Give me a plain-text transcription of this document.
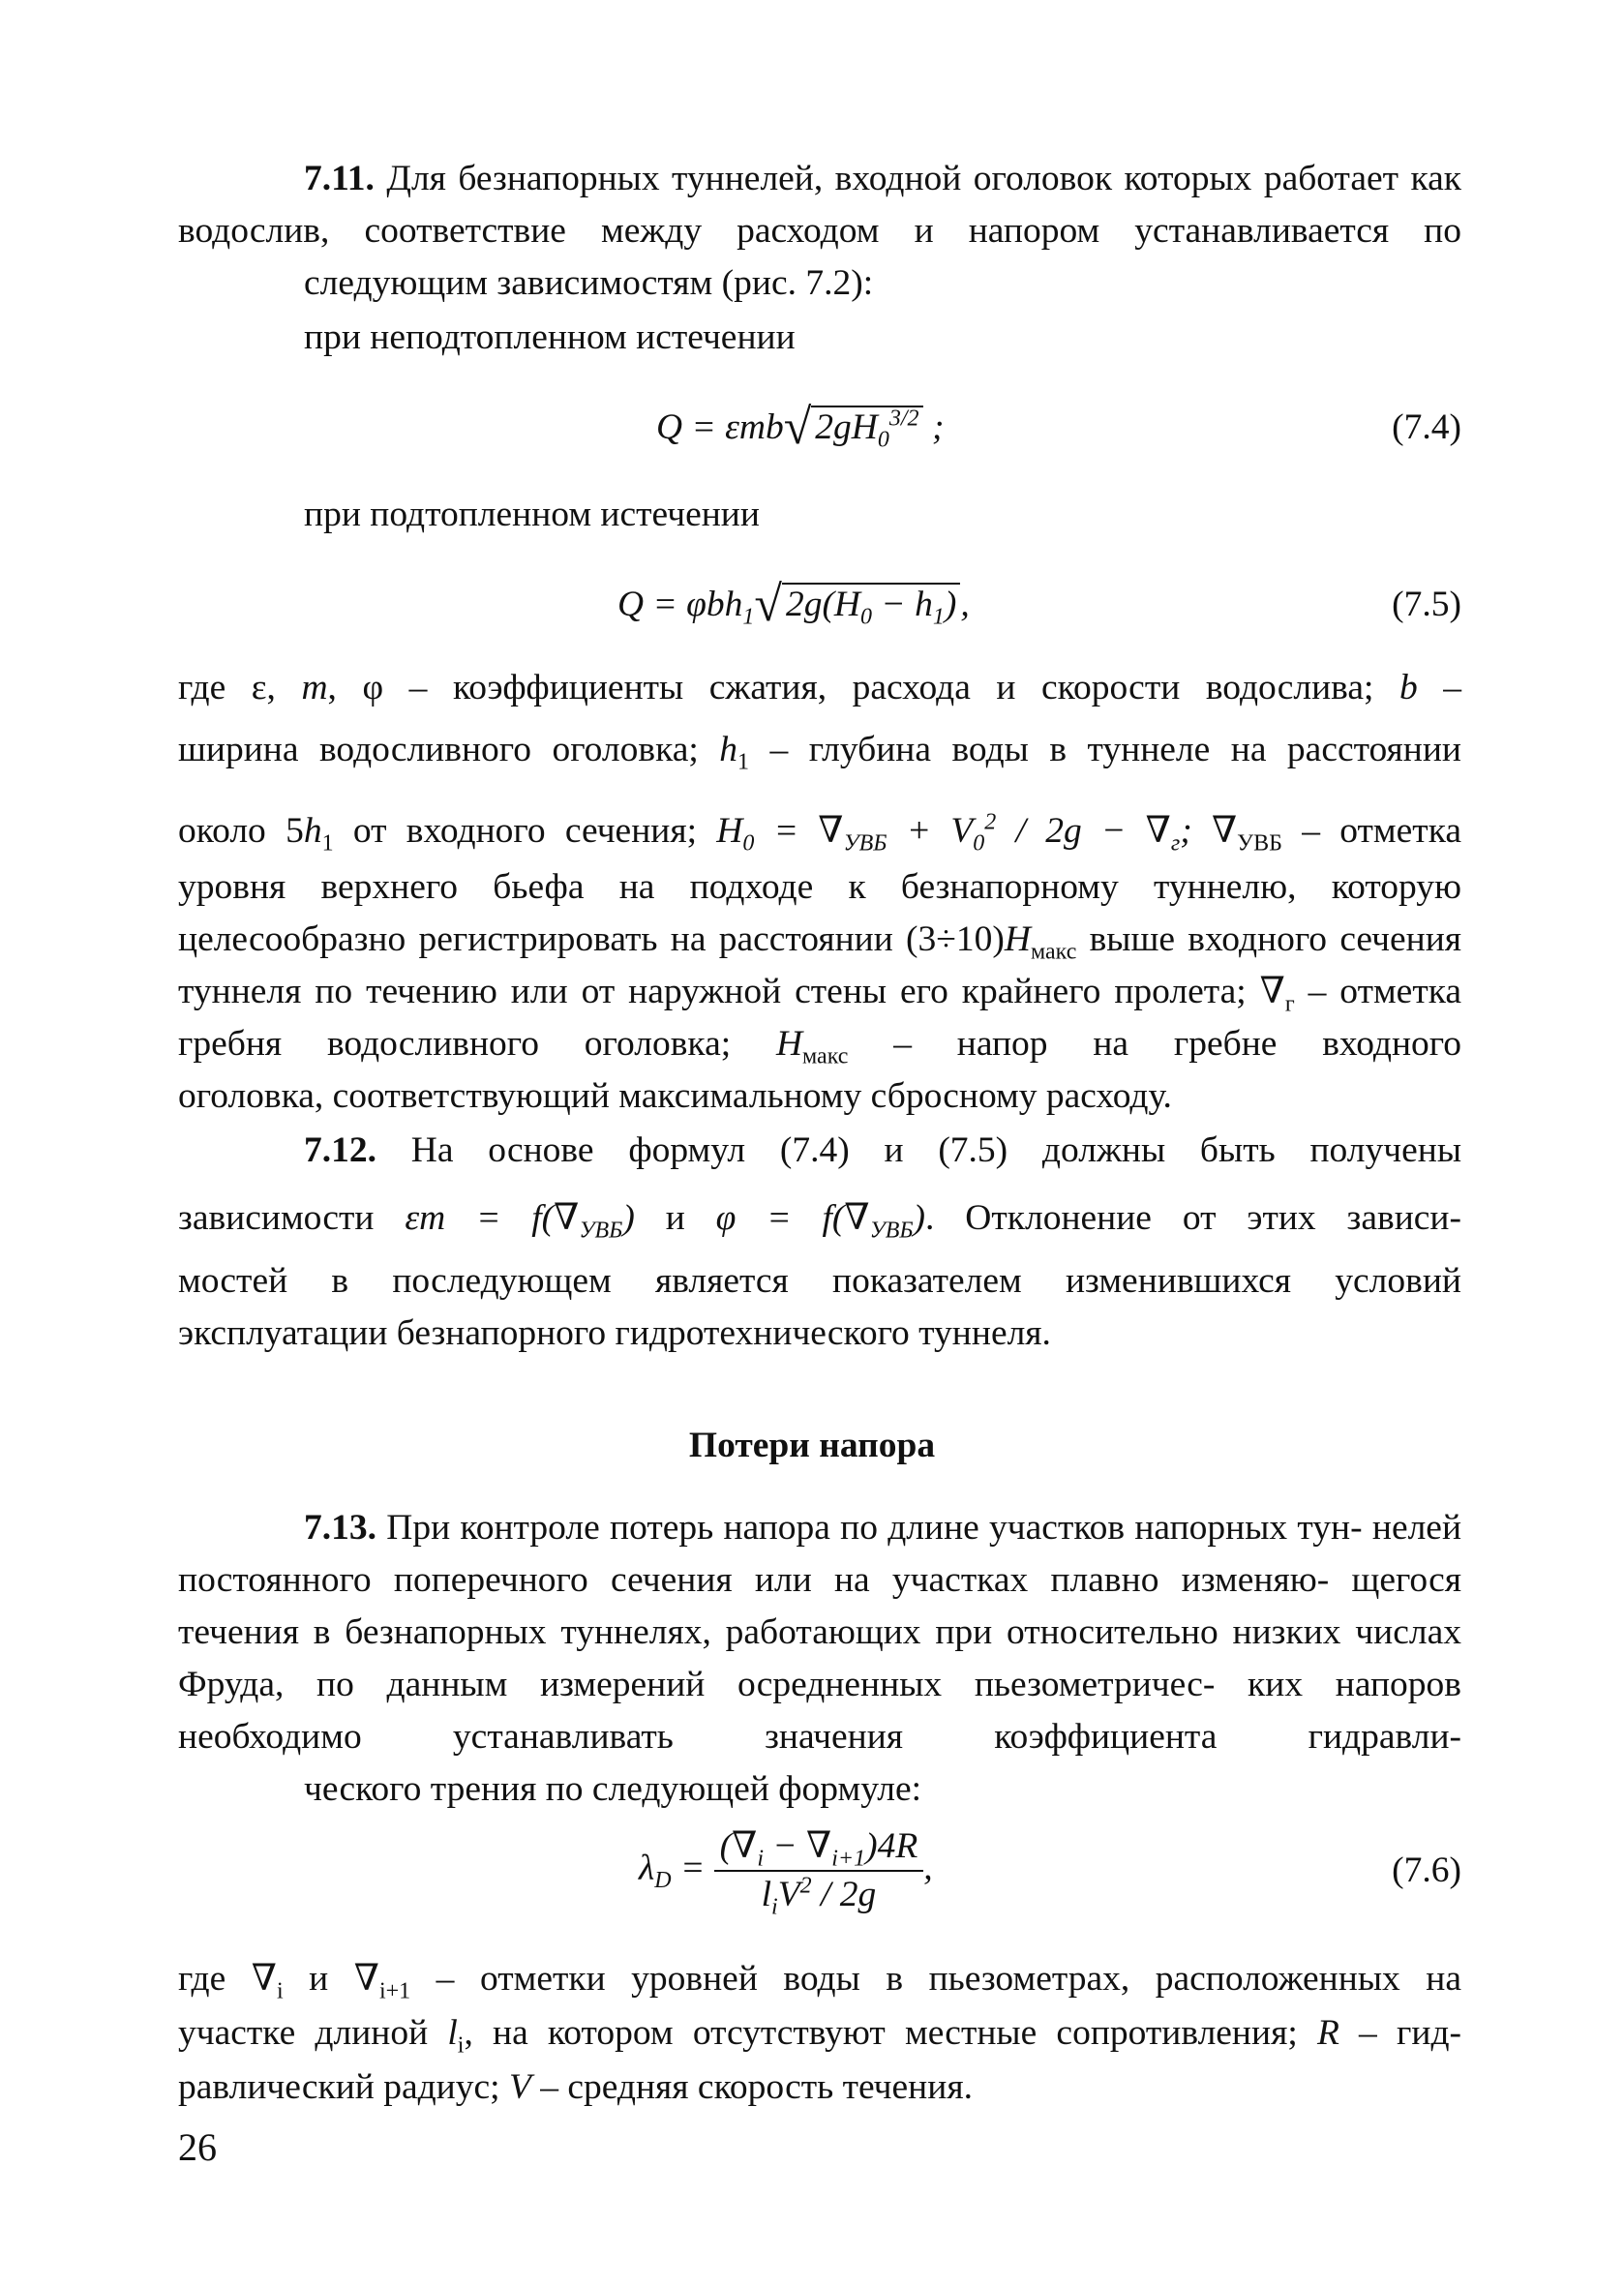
7.11. Для безнапорных туннелей, входной оголовок которых работает как водослив, соответствие между расходом и напором устанавливается по
следующим зависимостям (рис. 7.2):

при неподтопленном истечении
Q = εmb√ $2gH_0^{3/2}$ ;	(7.4)
при подтопленном истечении
Q = φbh$_1$√ $2g(H_0 - h_1)$ ,	(7.5)
где ε, m, φ – коэффициенты сжатия, расхода и скорости водослива; b –
ширина водосливного оголовка; $h_1$ – глубина воды в туннеле на расстоянии
около $5h_1$ от входного сечения; $H_0 = \nabla_{УВБ} + V_0^2 / 2g - \nabla_г$; $\nabla_{УВБ}$ – отметка

уровня верхнего бьефа на подходе к безнапорному туннелю, которую целесообразно регистрировать на расстоянии $(3\div 10)H_{макс}$ выше входного сечения туннеля по течению или от наружной стены его крайнего пролета; $\nabla_г$ – отметка гребня водосливного оголовка; $H_{макс}$ – напор на гребне входного
оголовка, соответствующий максимальному сбросному расходу.

7.12. На основе формул (7.4) и (7.5) должны быть получены
зависимости $\varepsilon m = f(\nabla_{УВБ})$ и $\varphi = f(\nabla_{УВБ})$. Отклонение от этих зависи-

мостей в последующем является показателем изменившихся условий
эксплуатации безнапорного гидротехнического туннеля.

Потери напора

7.13. При контроле потерь напора по длине участков напорных тун- нелей постоянного поперечного сечения или на участках плавно изменяю- щегося течения в безнапорных туннелях, работающих при относительно низких числах Фруда, по данным измерений осредненных пьезометричес- ких напоров необходимо устанавливать значения коэффициента гидравли-
ческого трения по следующей формуле:

$\lambda_D = \frac{(\nabla_i - \nabla_{i+1})4R}{l_iV^2 / 2g}$ ,	(7.6)
где $\nabla_i$ и $\nabla_{i+1}$ – отметки уровней воды в пьезометрах, расположенных на
участке длиной $l_i$, на котором отсутствуют местные сопротивления; R – гид-
равлический радиус; V – средняя скорость течения.
26
